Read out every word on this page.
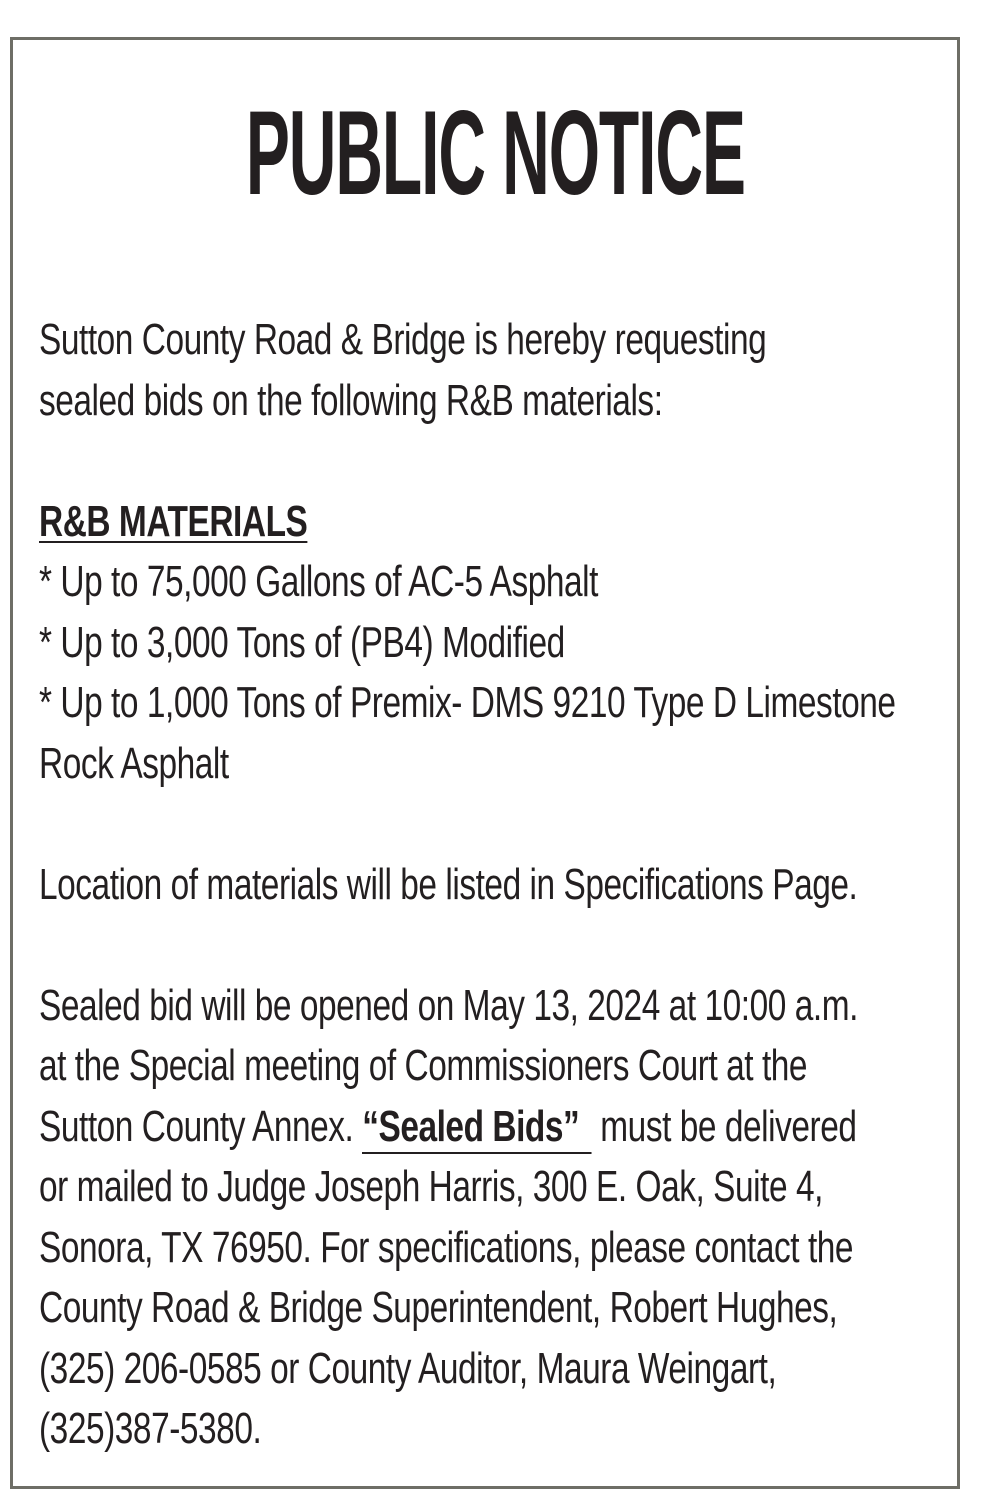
PUBLIC NOTICE
Sutton County Road & Bridge is hereby requesting
sealed bids on the following R&B materials:
R&B MATERIALS
* Up to 75,000 Gallons of AC-5 Asphalt
* Up to 3,000 Tons of (PB4) Modified
* Up to 1,000 Tons of Premix- DMS 9210 Type D Limestone
Rock Asphalt
Location of materials will be listed in Specifications Page.
Sealed bid will be opened on May 13, 2024 at 10:00 a.m.
at the Special meeting of Commissioners Court at the
Sutton County Annex. “Sealed Bids” must be delivered
or mailed to Judge Joseph Harris, 300 E. Oak, Suite 4,
Sonora, TX 76950. For specifications, please contact the
County Road & Bridge Superintendent, Robert Hughes,
(325) 206-0585 or County Auditor, Maura Weingart,
(325)387-5380.
